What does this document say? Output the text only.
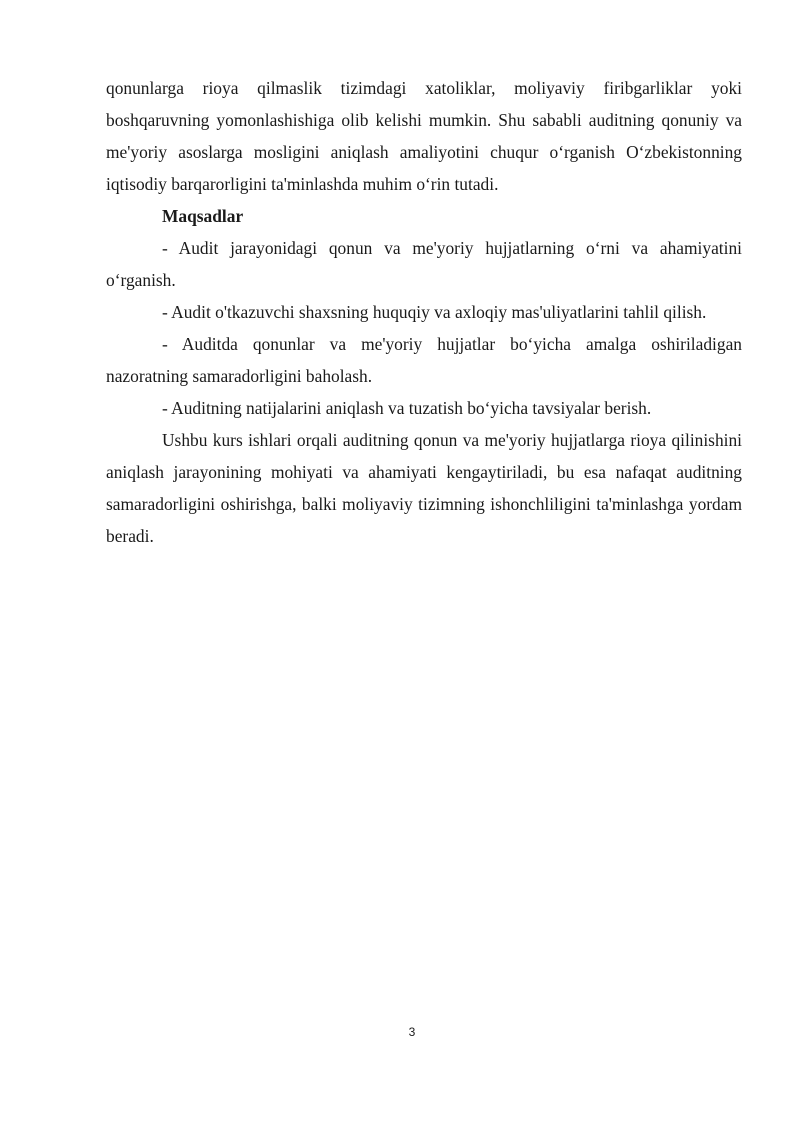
qonunlarga rioya qilmaslik tizimdagi xatoliklar, moliyaviy firibgarliklar yoki boshqaruvning yomonlashishiga olib kelishi mumkin. Shu sababli auditning qonuniy va me'yoriy asoslarga mosligini aniqlash amaliyotini chuqur oʻrganish Oʻzbekistonning iqtisodiy barqarorligini ta'minlashda muhim oʻrin tutadi.

Maqsadlar

- Audit jarayonidagi qonun va me'yoriy hujjatlarning oʻrni va ahamiyatini oʻrganish.

- Audit o'tkazuvchi shaxsning huquqiy va axloqiy mas'uliyatlarini tahlil qilish.

- Auditda qonunlar va me'yoriy hujjatlar boʻyicha amalga oshiriladigan nazoratning samaradorligini baholash.

- Auditning natijalarini aniqlash va tuzatish boʻyicha tavsiyalar berish.

Ushbu kurs ishlari orqali auditning qonun va me'yoriy hujjatlarga rioya qilinishini aniqlash jarayonining mohiyati va ahamiyati kengaytiriladi, bu esa nafaqat auditning samaradorligini oshirishga, balki moliyaviy tizimning ishonchliligini ta'minlashga yordam beradi.

3
